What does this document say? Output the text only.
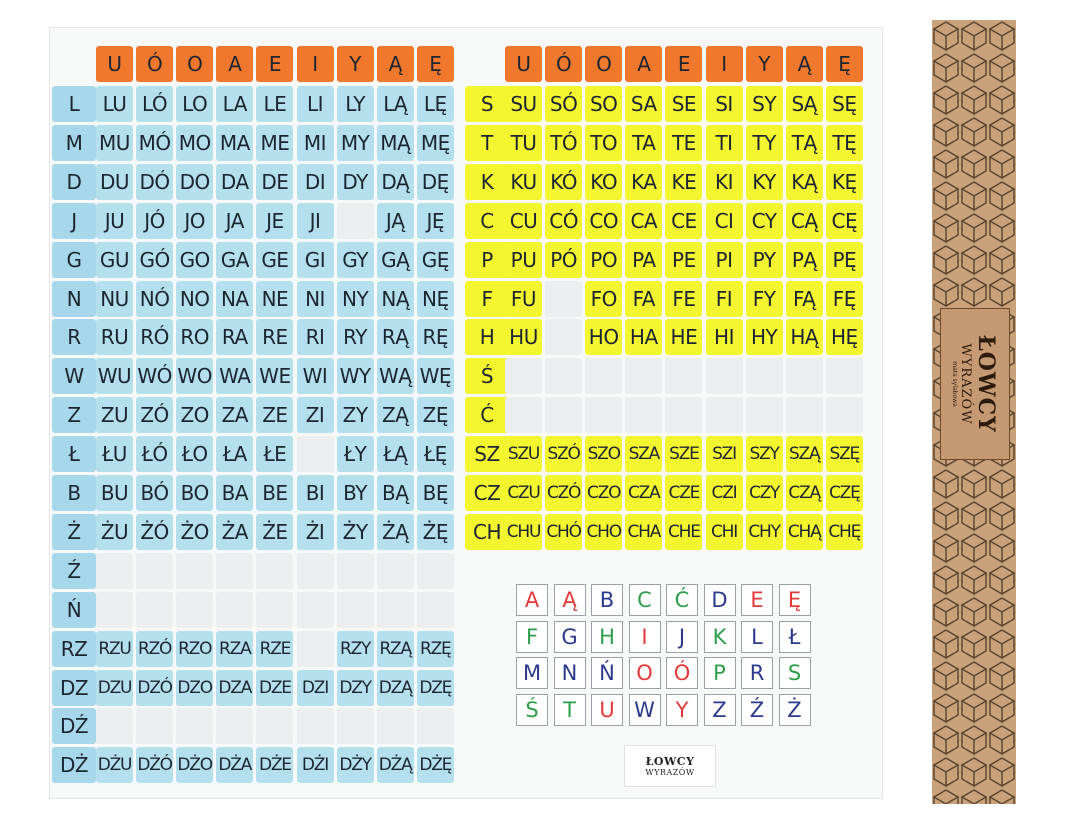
U	Ó	O	A	E	I	Y	Ą	Ę
L	LU LÓ LO LA LE	LI	LY LĄ LĘ
M MU MÓ MO MA ME MI MY MĄ MĘ
D DU DÓ DO DA DE DI DY DĄ DĘ
J	JU	JÓ JO	JA	JE	JI	JĄ	JĘ
G GU GÓ GO GA GE GI GY GĄ GĘ
N NU NÓ NO NA NE NI NY NĄ NĘ
R	RU RÓ RO RA RE RI RY RĄ RĘ
W WU WÓ WO WA WE WI WY WĄ WĘ
Z	ZU ZÓ ZO ZA ZE ZI ZY ZĄ ZĘ
Ł	ŁU ŁÓ ŁO ŁA ŁE	ŁY ŁĄ ŁĘ
B	BU BÓ BO BA BE BI BY BĄ BĘ
Ż	ŻU ŻÓ ŻO ŻA ŻE ŻI ŻY ŻĄ ŻĘ
Ź
Ń
RZ RZU RZÓ RZO RZA RZE	RZY RZĄ RZĘ
DZ DZU DZÓ DZO DZA DZE DZI DZY DZĄ DZĘ
DŹ
DŻ DŻU DŻÓ DŻO DŻA DŻE DŻI DŻY DŻĄ DŻĘ
U	Ó	O	A	E	I	Y	Ą	Ę
S SU SÓ SO SA SE SI SY SĄ SĘ
T TU TÓ TO TA TE TI TY TĄ TĘ
K KU KÓ KO KA KE KI KY KĄ KĘ
C CU CÓ CO CA CE CI CY CĄ CĘ
P PU PÓ PO PA PE PI	PY PĄ PĘ
F FU	FO FA FE	FI	FY FĄ FĘ
H HU	HO HA HE HI HY HĄ HĘ
Ś
Ć
SZ SZU SZÓ SZO SZA SZE SZI SZY SZĄ SZĘ
CZ CZU CZÓ CZO CZA CZE CZI CZY CZĄ CZĘ
CH CHU CHÓ CHO CHA CHE CHI CHY CHĄ CHĘ
A	Ą	B	C	Ć	D	E	Ę
F	G	H	I	J	K	L	Ł
M N	Ń	O Ó	P	R	S
Ś	T	U W Y	Z	Ź	Ż
ŁOWCY
WYRAZÓW
ŁOWCY
WYRAZÓW
mata sylabowa
